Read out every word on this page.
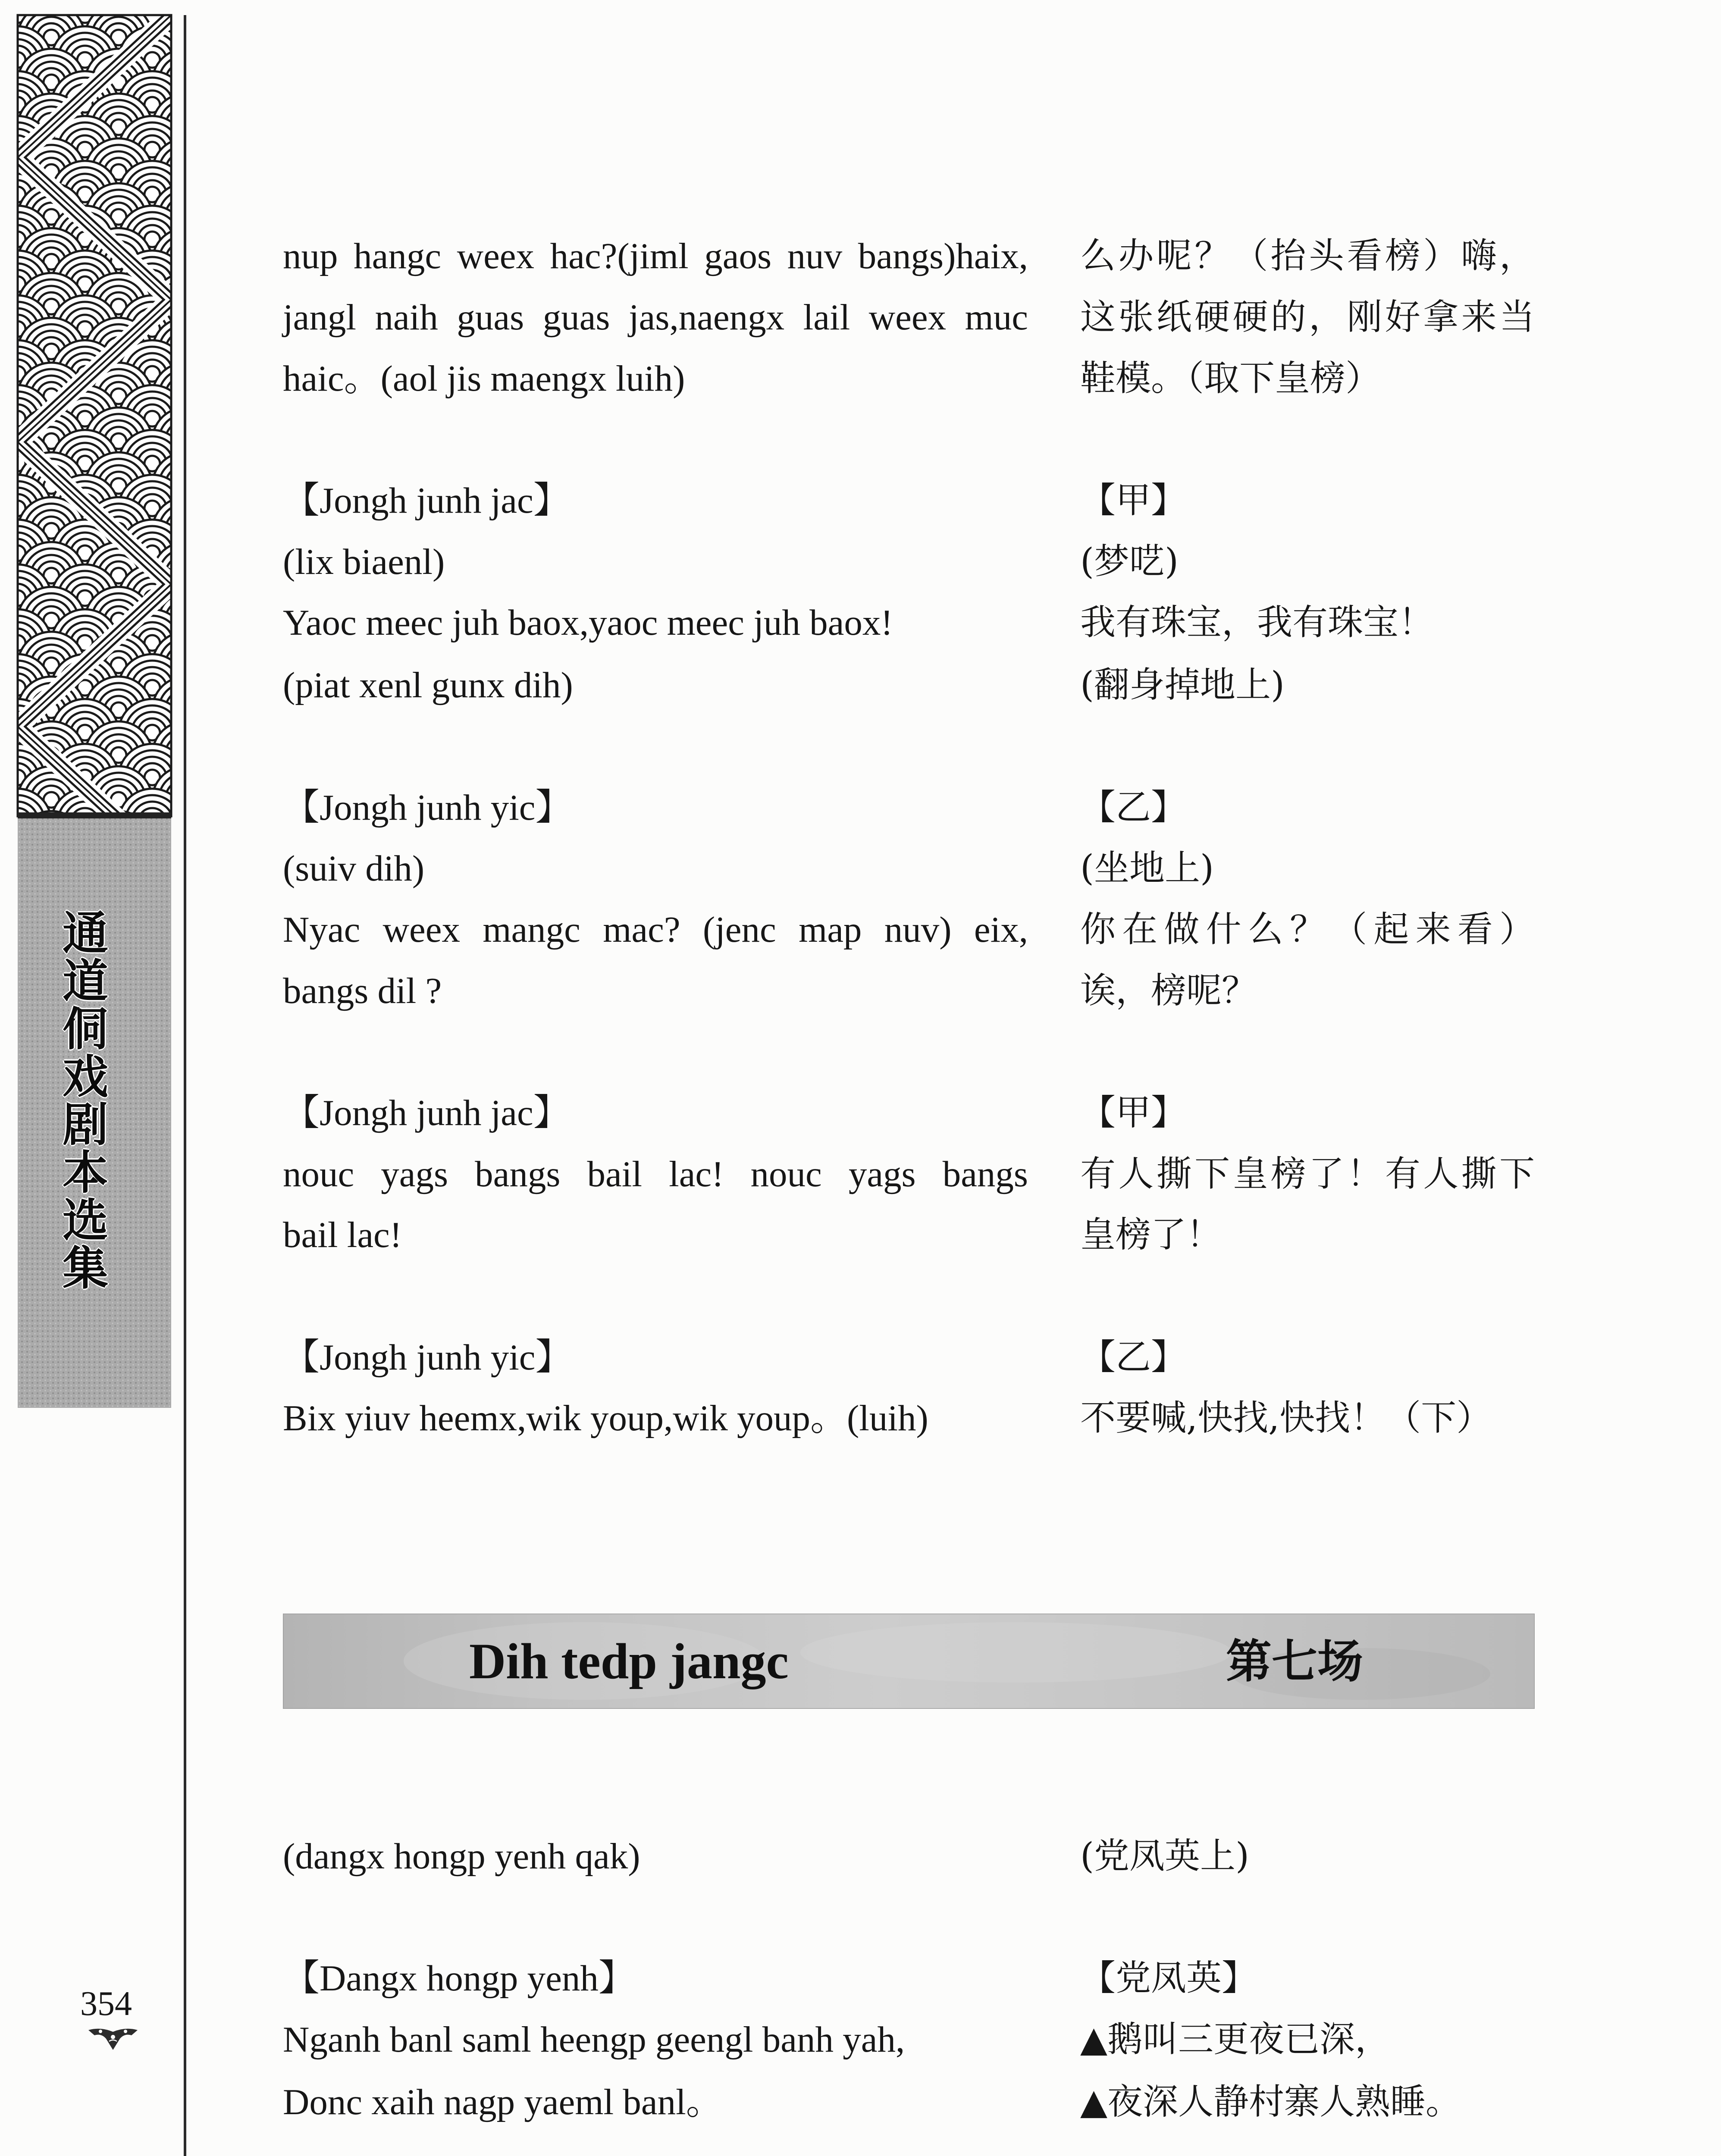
通道侗戏剧本选集
nup hangc weex hac?(jiml gaos nuv bangs)haix, 么办呢？（抬头看榜）嗨，
jangl naih guas guas jas,naengx lail weex muc 这张纸硬硬的，刚好拿来当
haic。(aol jis maengx luih)	鞋模。（取下皇榜）
【Jongh junh jac】	【甲】
(lix biaenl)	(梦呓)
Yaoc meec juh baox,yaoc meec juh baox!	我有珠宝，我有珠宝！
(piat xenl gunx dih)	(翻身掉地上)
【Jongh junh yic】	【乙】
(suiv dih)	(坐地上)
Nyac weex mangc mac? (jenc map nuv) eix, 你在做什么？（起来看）
bangs dil ?	诶，榜呢？
【Jongh junh jac】	【甲】
nouc yags bangs bail lac! nouc yags bangs 有人撕下皇榜了！有人撕下
bail lac!	皇榜了！
【Jongh junh yic】	【乙】
Bix yiuv heemx,wik youp,wik youp。(luih)	不要喊,快找,快找！（下）
Dih tedp jangc	第七场
(dangx hongp yenh qak)	(党凤英上)
【Dangx hongp yenh】	【党凤英】
Nganh banl saml heengp geengl banh yah,	▲鹅叫三更夜已深，
Donc xaih nagp yaeml banl。	▲夜深人静村寨人熟睡。
354
